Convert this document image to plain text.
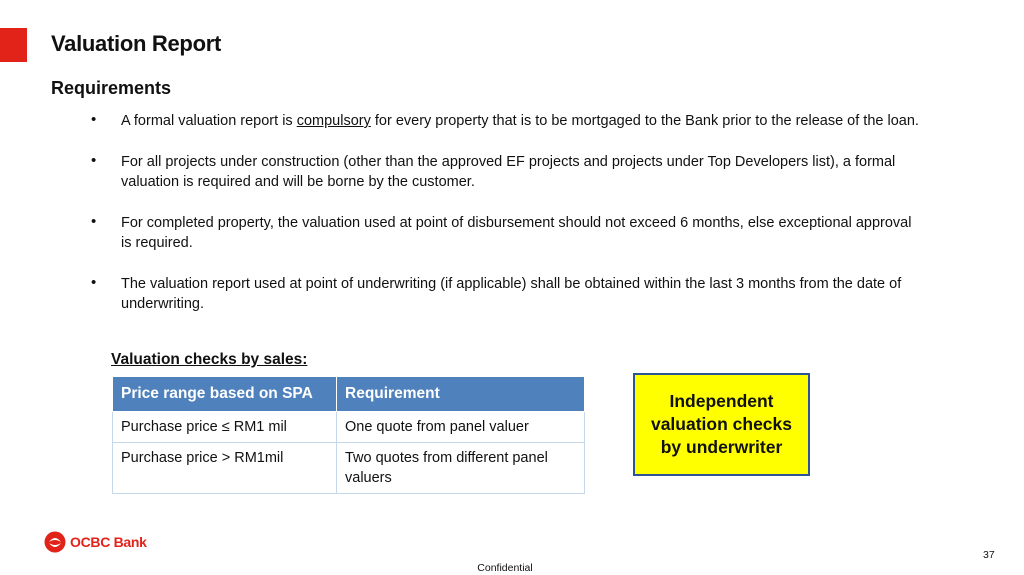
Valuation Report
Requirements
• A formal valuation report is compulsory for every property that is to be mortgaged to the Bank prior to the release of the loan.
• For all projects under construction (other than the approved EF projects and projects under Top Developers list), a formal valuation is required and will be borne by the customer.
• For completed property, the valuation used at point of disbursement should not exceed 6 months, else exceptional approval is required.
• The valuation report used at point of underwriting (if applicable) shall be obtained within the last 3 months from the date of underwriting.
Valuation checks by sales:
Price range based on SPA	Requirement
Purchase price ≤ RM1 mil	One quote from panel valuer
Purchase price > RM1mil	Two quotes from different panel valuers
Independent valuation checks by underwriter
OCBC Bank
37
Confidential
